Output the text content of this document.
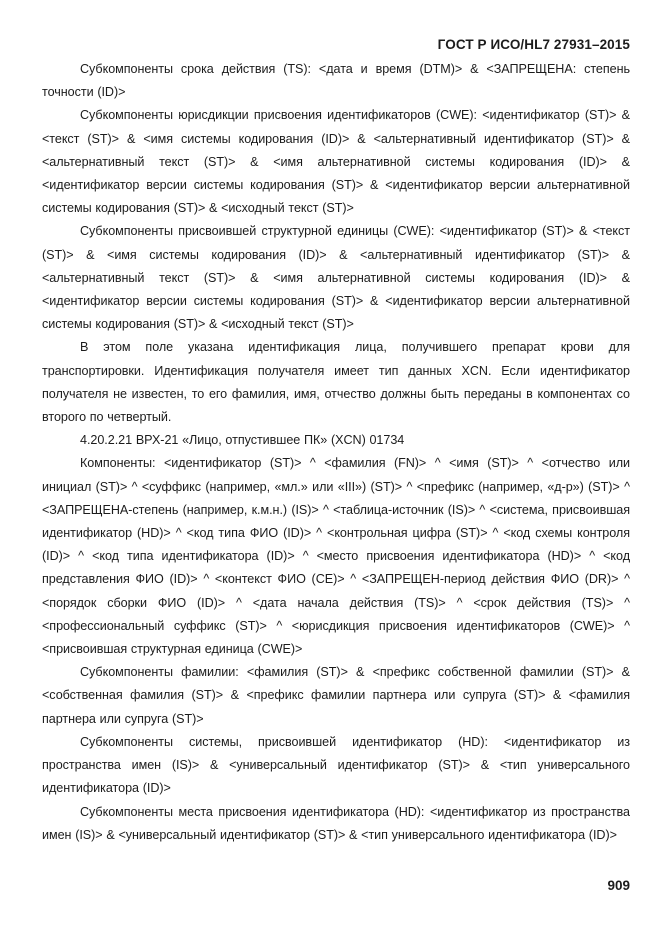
ГОСТ Р ИСО/HL7 27931–2015

Субкомпоненты срока действия (TS): <дата и время (DTM)> & <ЗАПРЕЩЕНА: степень точности (ID)>

Субкомпоненты юрисдикции присвоения идентификаторов (CWE): <идентификатор (ST)> & <текст (ST)> & <имя системы кодирования (ID)> & <альтернативный идентификатор (ST)> & <альтернативный текст (ST)> & <имя альтернативной системы кодирования (ID)> & <идентификатор версии системы кодирования (ST)> & <идентификатор версии альтернативной системы кодирования (ST)> & <исходный текст (ST)>

Субкомпоненты присвоившей структурной единицы (CWE): <идентификатор (ST)> & <текст (ST)> & <имя системы кодирования (ID)> & <альтернативный идентификатор (ST)> & <альтернативный текст (ST)> & <имя альтернативной системы кодирования (ID)> & <идентификатор версии системы кодирования (ST)> & <идентификатор версии альтернативной системы кодирования (ST)> & <исходный текст (ST)>

В этом поле указана идентификация лица, получившего препарат крови для транспортировки. Идентификация получателя имеет тип данных XCN. Если идентификатор получателя не известен, то его фамилия, имя, отчество должны быть переданы в компонентах со второго по четвертый.

4.20.2.21 ВРХ-21 «Лицо, отпустившее ПК» (XCN) 01734

Компоненты: <идентификатор (ST)> ^ <фамилия (FN)> ^ <имя (ST)> ^ <отчество или инициал (ST)> ^ <суффикс (например, «мл.» или «III») (ST)> ^ <префикс (например, «д-р») (ST)> ^ <ЗАПРЕЩЕНА-степень (например, к.м.н.) (IS)> ^ <таблица-источник (IS)> ^ <система, присвоившая идентификатор (HD)> ^ <код типа ФИО (ID)> ^ <контрольная цифра (ST)> ^ <код схемы контроля (ID)> ^ <код типа идентификатора (ID)> ^ <место присвоения идентификатора (HD)> ^ <код представления ФИО (ID)> ^ <контекст ФИО (CE)> ^ <ЗАПРЕЩЕН-период действия ФИО (DR)> ^ <порядок сборки ФИО (ID)> ^ <дата начала действия (TS)> ^ <срок действия (TS)> ^ <профессиональный суффикс (ST)> ^ <юрисдикция присвоения идентификаторов (CWE)> ^ <присвоившая структурная единица (CWE)>

Субкомпоненты фамилии: <фамилия (ST)> & <префикс собственной фамилии (ST)> & <собственная фамилия (ST)> & <префикс фамилии партнера или супруга (ST)> & <фамилия партнера или супруга (ST)>

Субкомпоненты системы, присвоившей идентификатор (HD): <идентификатор из пространства имен (IS)> & <универсальный идентификатор (ST)> & <тип универсального идентификатора (ID)>

Субкомпоненты места присвоения идентификатора (HD): <идентификатор из пространства имен (IS)> & <универсальный идентификатор (ST)> & <тип универсального идентификатора (ID)>

909
